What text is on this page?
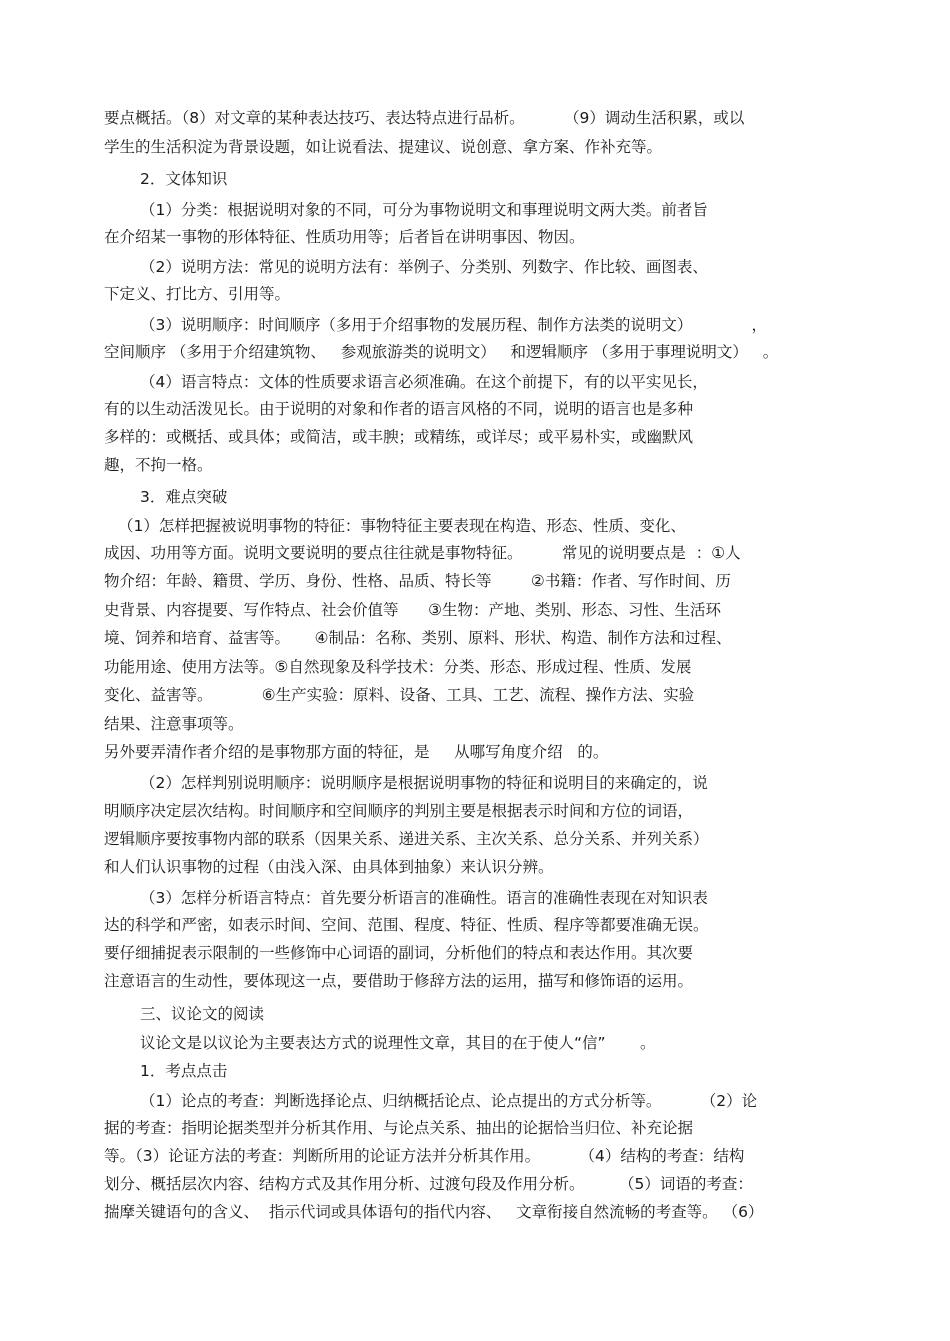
要点概括。（8）对文章的某种表达技巧、表达特点进行品析。        （9）调动生活积累，或以
学生的生活积淀为背景设题，如让说看法、提建议、说创意、拿方案、作补充等。
2．文体知识
（1）分类：根据说明对象的不同，可分为事物说明文和事理说明文两大类。前者旨
在介绍某一事物的形体特征、性质功用等；后者旨在讲明事因、物因。
（2）说明方法：常见的说明方法有：举例子、分类别、列数字、作比较、画图表、
下定义、打比方、引用等。
（3）说明顺序：时间顺序（多用于介绍事物的发展历程、制作方法类的说明文）            ，
空间顺序 （多用于介绍建筑物、   参观旅游类的说明文）   和逻辑顺序 （多用于事理说明文）   。
（4）语言特点：文体的性质要求语言必须准确。在这个前提下，有的以平实见长，
有的以生动活泼见长。由于说明的对象和作者的语言风格的不同，说明的语言也是多种
多样的：或概括、或具体；或简洁，或丰腴；或精练，或详尽；或平易朴实，或幽默风
趣，不拘一格。
3．难点突破
（1）怎样把握被说明事物的特征：事物特征主要表现在构造、形态、性质、变化、
成因、功用等方面。说明文要说明的要点往往就是事物特征。        常见的说明要点是  ：①人
物介绍：年龄、籍贯、学历、身份、性格、品质、特长等        ②书籍：作者、写作时间、历
史背景、内容提要、写作特点、社会价值等      ③生物：产地、类别、形态、习性、生活环
境、饲养和培育、益害等。     ④制品：名称、类别、原料、形状、构造、制作方法和过程、
功能用途、使用方法等。⑤自然现象及科学技术：分类、形态、形成过程、性质、发展
变化、益害等。          ⑥生产实验：原料、设备、工具、工艺、流程、操作方法、实验
结果、注意事项等。
另外要弄清作者介绍的是事物那方面的特征，是     从哪写角度介绍   的。
（2）怎样判别说明顺序：说明顺序是根据说明事物的特征和说明目的来确定的，说
明顺序决定层次结构。时间顺序和空间顺序的判别主要是根据表示时间和方位的词语，
逻辑顺序要按事物内部的联系（因果关系、递进关系、主次关系、总分关系、并列关系）
和人们认识事物的过程（由浅入深、由具体到抽象）来认识分辨。
（3）怎样分析语言特点：首先要分析语言的准确性。语言的准确性表现在对知识表
达的科学和严密，如表示时间、空间、范围、程度、特征、性质、程序等都要准确无误。
要仔细捕捉表示限制的一些修饰中心词语的副词，分析他们的特点和表达作用。其次要
注意语言的生动性，要体现这一点，要借助于修辞方法的运用，描写和修饰语的运用。
三、议论文的阅读
议论文是以议论为主要表达方式的说理性文章，其目的在于使人“信”       。
1．考点点击
（1）论点的考查：判断选择论点、归纳概括论点、论点提出的方式分析等。        （2）论
据的考查：指明论据类型并分析其作用、与论点关系、抽出的论据恰当归位、补充论据
等。（3）论证方法的考查：判断所用的论证方法并分析其作用。        （4）结构的考查：结构
划分、概括层次内容、结构方式及其作用分析、过渡句段及作用分析。       （5）词语的考查：
揣摩关键语句的含义、  指示代词或具体语句的指代内容、   文章衔接自然流畅的考查等。 （6）
